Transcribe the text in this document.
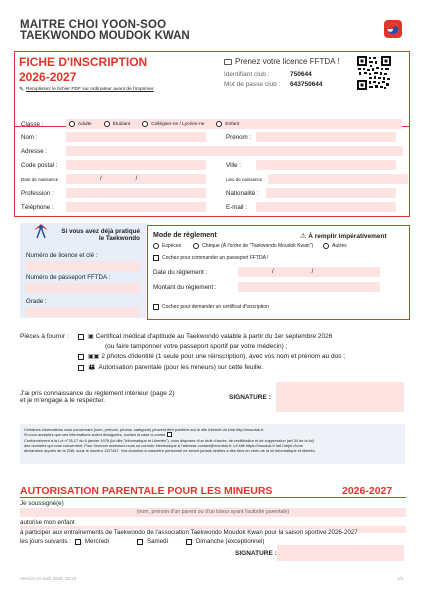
MAITRE CHOI YOON-SOO
TAEKWONDO MOUDOK KWAN
FICHE D'INSCRIPTION
2026-2027
✎ Remplissez le fichier PDF sur ordinateur avant de l'imprimer
Prenez votre licence FFTDA !
Identifiant club :	750644
Mot de passe club : 643750644
Classe :	Adulte	Étudiant	Collégien-ne / Lycéen-ne	Enfant
Nom :	Prénom :
Adresse :
Code postal :	Ville :
Date de naissance :	/	/	Lieu de naissance :
Profession :	Nationalité :
Téléphone :	E-mail :
Si vous avez déjà pratiqué
le Taekwondo
Numéro de licence et clé :
Numéro de passeport FFTDA :
Grade :
Mode de règlement	⚠ À remplir impérativement
Espèces	Chèque (À l'ordre de "Taekwondo Moudok Kwan")	Autres
Cochez pour commander un passeport FFTDA !
Date du règlement :	/	/
Montant du règlement :
Cochez pour demander un certificat d'inscription
Pièces à fournir :	▣ Certificat médical d'aptitude au Taekwondo valable à partir du 1er septembre 2026
(ou faire tamponner votre passeport sportif par votre médecin) ;
▣▣ 2 photos d'identité (1 seule pour une réinscription), avec vos nom et prénom au dos ;
👪 Autorisation parentale (pour les mineurs) sur cette feuille.
J'ai pris connaissance du règlement intérieur (page 2)
et je m'engage à le respecter.	SIGNATURE :
Certaines informations vous concernant (nom, prénom, photos, catégorie) peuvent être publiées sur le site Internet du club http://moudok.fr.
Si vous acceptez que ces informations soient divulguées, cochez la case ci-contre
Conformément à la Loi n°78-17 du 6 janvier 1978 (loi dite "Informatique et Libertés"), vous disposez d'un droit d'accès, de rectification et de suppression (art 34 de la loi)
des données qui vous concernent. Pour l'exercer adressez-nous un courrier électronique à l'adresse contact@moudok.fr. Le site https://moudok.fr fait l'objet d'une
déclaration auprès de la CNIL sous le numéro 1117447. Vos données à caractère personnel ne seront jamais cédées à des tiers en vertu de la loi Informatique et libertés.
AUTORISATION PARENTALE POUR LES MINEURS	2026-2027
Je soussigné(e)
(nom, prénom d'un parent ou d'un tuteur ayant l'autorité parentale)
autorise mon enfant
à participer aux entraînements de Taekwondo de l'association Taekwondo Moudok Kwan pour la saison sportive 2026-2027
les jours suivants : Mercredi	Samedi	Dimanche (exceptionnel)
SIGNATURE :
Version 21 août 2026, 20:23	1/2
